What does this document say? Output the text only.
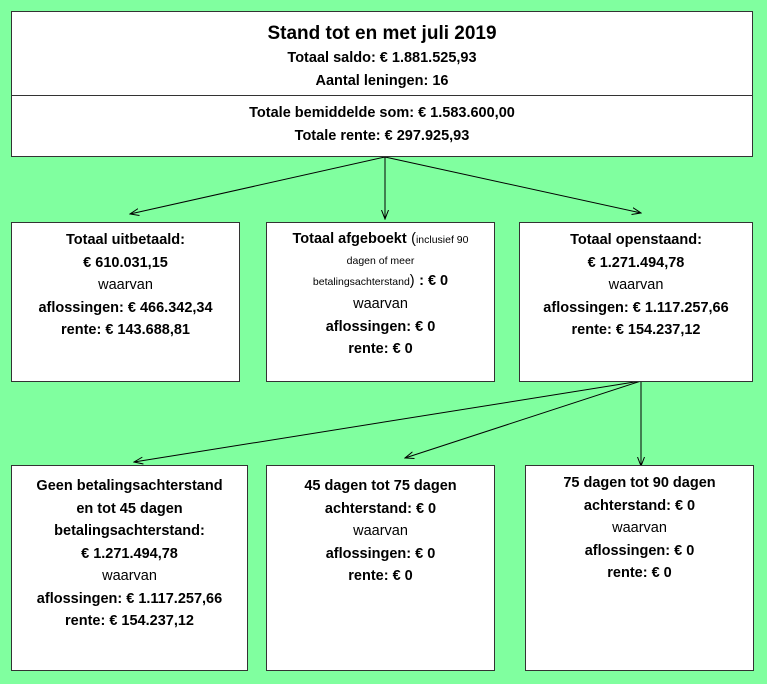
Stand tot en met juli 2019
Totaal saldo: € 1.881.525,93
Aantal leningen: 16
Totale bemiddelde som: € 1.583.600,00
Totale rente: € 297.925,93
Totaal uitbetaald:
€ 610.031,15
waarvan
aflossingen: € 466.342,34
rente: € 143.688,81
Totaal afgeboekt (inclusief 90
dagen of meer
betalingsachterstand) : € 0
waarvan
aflossingen: € 0
rente: € 0
Totaal openstaand:
€ 1.271.494,78
waarvan
aflossingen: € 1.117.257,66
rente: € 154.237,12
Geen betalingsachterstand
en tot 45 dagen
betalingsachterstand:
€ 1.271.494,78
waarvan
aflossingen: € 1.117.257,66
rente: € 154.237,12
45 dagen tot 75 dagen
achterstand: € 0
waarvan
aflossingen: € 0
rente: € 0
75 dagen tot 90 dagen
achterstand: € 0
waarvan
aflossingen: € 0
rente: € 0
